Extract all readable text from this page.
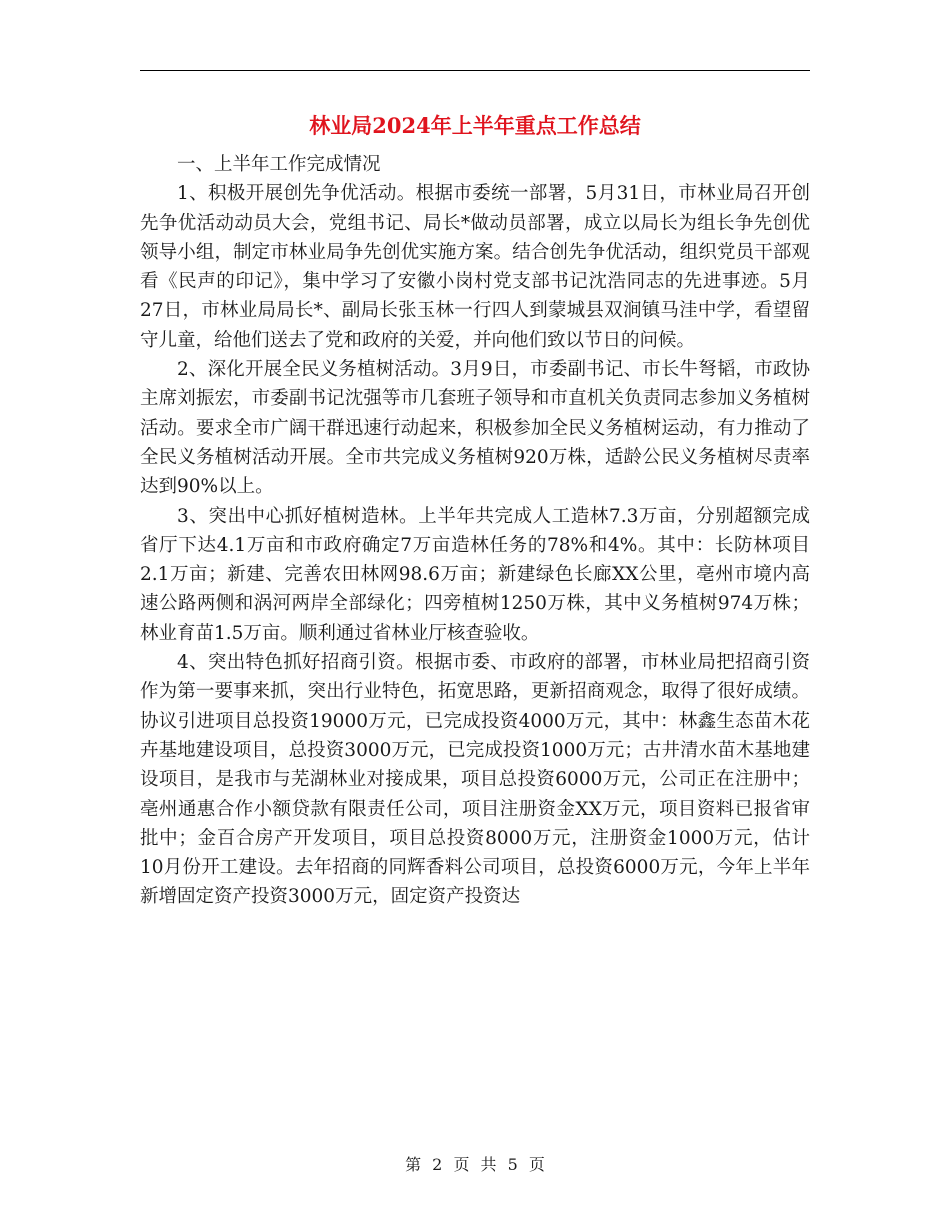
林业局2024年上半年重点工作总结

一、上半年工作完成情况

1、积极开展创先争优活动。根据市委统一部署，5月31日，市林业局召开创先争优活动动员大会，党组书记、局长*做动员部署，成立以局长为组长争先创优领导小组，制定市林业局争先创优实施方案。结合创先争优活动，组织党员干部观看《民声的印记》，集中学习了安徽小岗村党支部书记沈浩同志的先进事迹。5月27日，市林业局局长*、副局长张玉林一行四人到蒙城县双涧镇马洼中学，看望留守儿童，给他们送去了党和政府的关爱，并向他们致以节日的问候。

2、深化开展全民义务植树活动。3月9日，市委副书记、市长牛弩韬，市政协主席刘振宏，市委副书记沈强等市几套班子领导和市直机关负责同志参加义务植树活动。要求全市广阔干群迅速行动起来，积极参加全民义务植树运动，有力推动了全民义务植树活动开展。全市共完成义务植树920万株，适龄公民义务植树尽责率达到90%以上。

3、突出中心抓好植树造林。上半年共完成人工造林7.3万亩，分别超额完成省厅下达4.1万亩和市政府确定7万亩造林任务的78%和4%。其中：长防林项目2.1万亩；新建、完善农田林网98.6万亩；新建绿色长廊XX公里，亳州市境内高速公路两侧和涡河两岸全部绿化；四旁植树1250万株，其中义务植树974万株；林业育苗1.5万亩。顺利通过省林业厅核查验收。

4、突出特色抓好招商引资。根据市委、市政府的部署，市林业局把招商引资作为第一要事来抓，突出行业特色，拓宽思路，更新招商观念，取得了很好成绩。协议引进项目总投资19000万元，已完成投资4000万元，其中：林鑫生态苗木花卉基地建设项目，总投资3000万元，已完成投资1000万元；古井清水苗木基地建设项目，是我市与芜湖林业对接成果，项目总投资6000万元，公司正在注册中；亳州通惠合作小额贷款有限责任公司，项目注册资金XX万元，项目资料已报省审批中；金百合房产开发项目，项目总投资8000万元，注册资金1000万元，估计10月份开工建设。去年招商的同辉香料公司项目，总投资6000万元，今年上半年新增固定资产投资3000万元，固定资产投资达

第 2 页 共 5 页
